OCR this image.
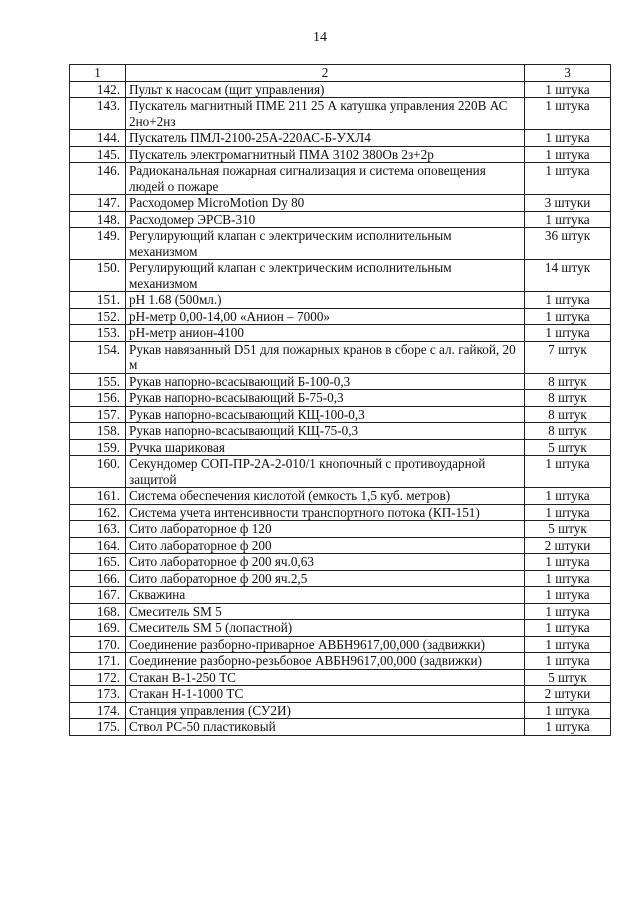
14
1	2	3
142.	Пульт к насосам (щит управления)	1 штука
143.	Пускатель магнитный ПМЕ 211 25 А катушка управления 220В АС 2но+2нз	1 штука
144.	Пускатель ПМЛ-2100-25А-220АС-Б-УХЛ4	1 штука
145.	Пускатель электромагнитный ПМА 3102 380Ов 2з+2р	1 штука
146.	Радиоканальная пожарная сигнализация и система оповещения людей о пожаре	1 штука
147.	Расходомер MicroMotion Dy 80	3 штуки
148.	Расходомер ЭРСВ-310	1 штука
149.	Регулирующий клапан с электрическим исполнительным механизмом	36 штук
150.	Регулирующий клапан с электрическим исполнительным механизмом	14 штук
151.	pH 1.68 (500мл.)	1 штука
152.	pH-метр 0,00-14,00 «Анион – 7000»	1 штука
153.	pH-метр анион-4100	1 штука
154.	Рукав навязанный D51 для пожарных кранов в сборе с ал. гайкой, 20 м	7 штук
155.	Рукав напорно-всасывающий Б-100-0,3	8 штук
156.	Рукав напорно-всасывающий Б-75-0,3	8 штук
157.	Рукав напорно-всасывающий КЩ-100-0,3	8 штук
158.	Рукав напорно-всасывающий КЩ-75-0,3	8 штук
159.	Ручка шариковая	5 штук
160.	Секундомер СОП-ПР-2А-2-010/1 кнопочный с противоударной защитой	1 штука
161.	Система обеспечения кислотой (емкость 1,5 куб. метров)	1 штука
162.	Система учета интенсивности транспортного потока (КП-151)	1 штука
163.	Сито лабораторное ф 120	5 штук
164.	Сито лабораторное ф 200	2 штуки
165.	Сито лабораторное ф 200 яч.0,63	1 штука
166.	Сито лабораторное ф 200 яч.2,5	1 штука
167.	Скважина	1 штука
168.	Смеситель SM 5	1 штука
169.	Смеситель SM 5 (лопастной)	1 штука
170.	Соединение разборно-приварное АВБН9617,00,000 (задвижки)	1 штука
171.	Соединение разборно-резьбовое АВБН9617,00,000 (задвижки)	1 штука
172.	Стакан В-1-250 ТС	5 штук
173.	Стакан Н-1-1000 ТС	2 штуки
174.	Станция управления (СУ2И)	1 штука
175.	Ствол РС-50 пластиковый	1 штука
